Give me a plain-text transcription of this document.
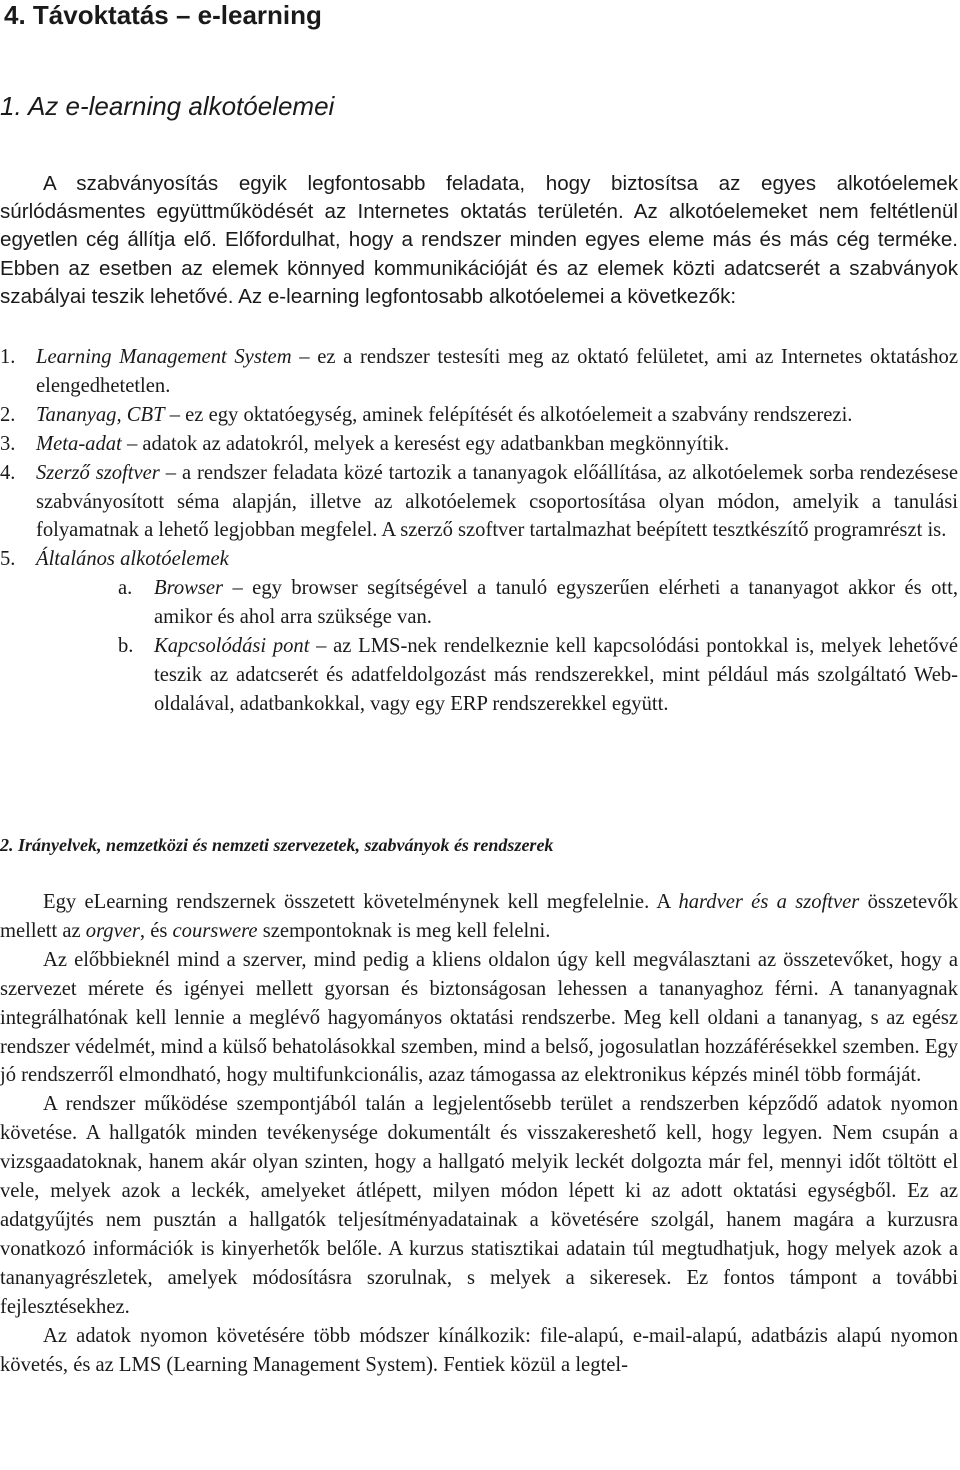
4. Távoktatás – e-learning
1. Az e-learning alkotóelemei
A szabványosítás egyik legfontosabb feladata, hogy biztosítsa az egyes alkotóelemek súrlódásmentes együttműködését az Internetes oktatás területén. Az alkotóelemeket nem feltétlenül egyetlen cég állítja elő. Előfordulhat, hogy a rendszer minden egyes eleme más és más cég terméke. Ebben az esetben az elemek könnyed kommunikációját és az elemek közti adatcserét a szabványok szabályai teszik lehetővé. Az e-learning legfontosabb alkotóelemei a következők:
1. Learning Management System – ez a rendszer testesíti meg az oktató felületet, ami az Internetes oktatáshoz elengedhetetlen.
2. Tananyag, CBT – ez egy oktatóegység, aminek felépítését és alkotóelemeit a szabvány rendszerezi.
3. Meta-adat – adatok az adatokról, melyek a keresést egy adatbankban megkönnyítik.
4. Szerző szoftver – a rendszer feladata közé tartozik a tananyagok előállítása, az alkotóelemek sorba rendezésese szabványosított séma alapján, illetve az alkotóelemek csoportosítása olyan módon, amelyik a tanulási folyamatnak a lehető legjobban megfelel. A szerző szoftver tartalmazhat beépített tesztkészítő programrészt is.
5. Általános alkotóelemek
a.	Browser – egy browser segítségével a tanuló egyszerűen elérheti a tananyagot akkor és ott, amikor és ahol arra szüksége van.
b. Kapcsolódási pont – az LMS-nek rendelkeznie kell kapcsolódási pontokkal is, melyek lehetővé teszik az adatcserét és adatfeldolgozást más rendszerekkel, mint például más szolgáltató Web-oldalával, adatbankokkal, vagy egy ERP rendszerekkel együtt.
2. Irányelvek, nemzetközi és nemzeti szervezetek, szabványok és rendszerek
Egy eLearning rendszernek összetett követelménynek kell megfelelnie. A hardver és a szoftver összetevők mellett az orgver, és courswere szempontoknak is meg kell felelni.
Az előbbieknél mind a szerver, mind pedig a kliens oldalon úgy kell megválasztani az összetevőket, hogy a szervezet mérete és igényei mellett gyorsan és biztonságosan lehessen a tananyaghoz férni. A tananyagnak integrálhatónak kell lennie a meglévő hagyományos oktatási rendszerbe. Meg kell oldani a tananyag, s az egész rendszer védelmét, mind a külső behatolásokkal szemben, mind a belső, jogosulatlan hozzáférésekkel szemben. Egy jó rendszerről elmondható, hogy multifunkcionális, azaz támogassa az elektronikus képzés minél több formáját.
A rendszer működése szempontjából talán a legjelentősebb terület a rendszerben képződő adatok nyomon követése. A hallgatók minden tevékenysége dokumentált és visszakereshető kell, hogy legyen. Nem csupán a vizsgaadatoknak, hanem akár olyan szinten, hogy a hallgató melyik leckét dolgozta már fel, mennyi időt töltött el vele, melyek azok a leckék, amelyeket átlépett, milyen módon lépett ki az adott oktatási egységből. Ez az adatgyűjtés nem pusztán a hallgatók teljesítményadatainak a követésére szolgál, hanem magára a kurzusra vonatkozó információk is kinyerhetők belőle. A kurzus statisztikai adatain túl megtudhatjuk, hogy melyek azok a tananyagrészletek, amelyek módosításra szorulnak, s melyek a sikeresek. Ez fontos támpont a további fejlesztésekhez.
Az adatok nyomon követésére több módszer kínálkozik: file-alapú, e-mail-alapú, adatbázis alapú nyomon követés, és az LMS (Learning Management System). Fentiek közül a legtel-
